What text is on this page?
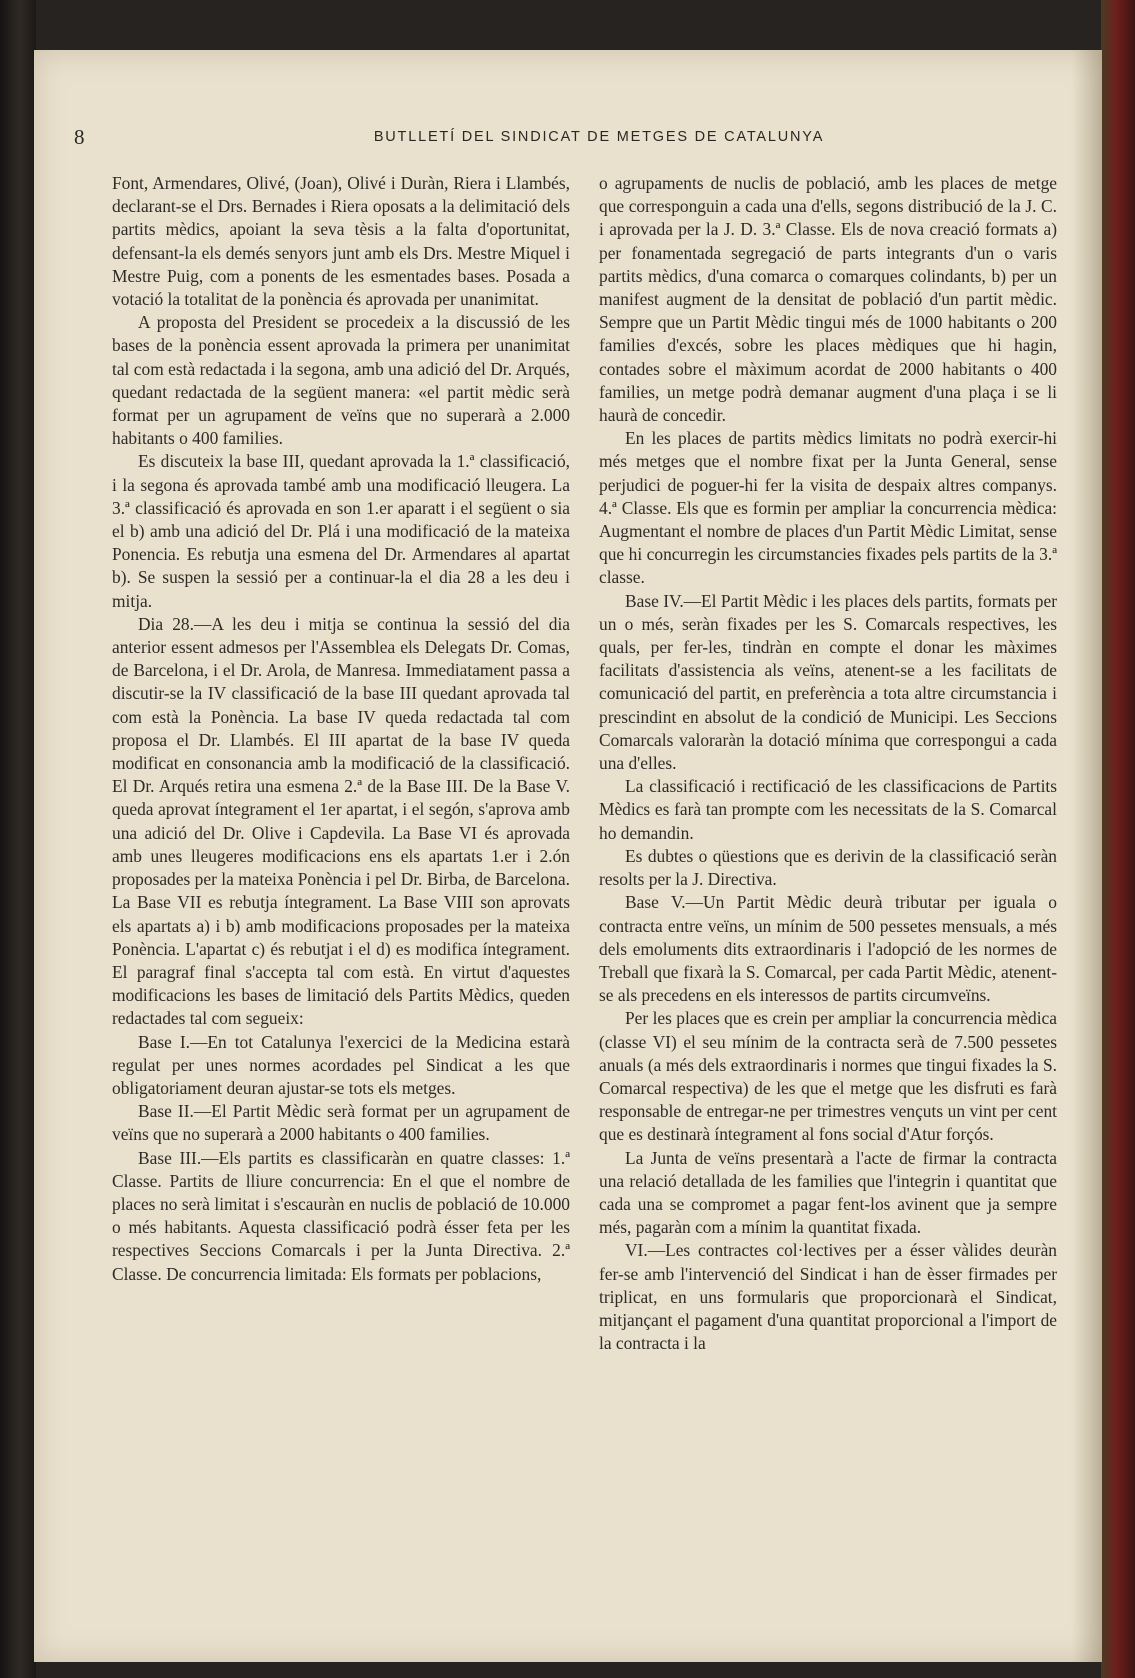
8	BUTLLETÍ DEL SINDICAT DE METGES DE CATALUNYA

Font, Armendares, Olivé, (Joan), Olivé i Duràn, Riera i Llambés, declarant-se el Drs. Bernades i Riera oposats a la delimitació dels partits mèdics, apoiant la seva tèsis a la falta d'oportunitat, defensant-la els demés senyors junt amb els Drs. Mestre Miquel i Mestre Puig, com a ponents de les esmentades bases. Posada a votació la totalitat de la ponència és aprovada per unanimitat.

A proposta del President se procedeix a la discussió de les bases de la ponència essent aprovada la primera per unanimitat tal com està redactada i la segona, amb una adició del Dr. Arqués, quedant redactada de la següent manera: «el partit mèdic serà format per un agrupament de veïns que no superarà a 2.000 habitants o 400 families.

Es discuteix la base III, quedant aprovada la 1.ª classificació, i la segona és aprovada també amb una modificació lleugera. La 3.ª classificació és aprovada en son 1.er aparatt i el següent o sia el b) amb una adició del Dr. Plá i una modificació de la mateixa Ponencia. Es rebutja una esmena del Dr. Armendares al apartat b). Se suspen la sessió per a continuar-la el dia 28 a les deu i mitja.

Dia 28.—A les deu i mitja se continua la sessió del dia anterior essent admesos per l'Assemblea els Delegats Dr. Comas, de Barcelona, i el Dr. Arola, de Manresa. Immediatament passa a discutir-se la IV classificació de la base III quedant aprovada tal com està la Ponència. La base IV queda redactada tal com proposa el Dr. Llambés. El III apartat de la base IV queda modificat en consonancia amb la modificació de la classificació. El Dr. Arqués retira una esmena 2.ª de la Base III. De la Base V. queda aprovat íntegrament el 1er apartat, i el segón, s'aprova amb una adició del Dr. Olive i Capdevila. La Base VI és aprovada amb unes lleugeres modificacions ens els apartats 1.er i 2.ón proposades per la mateixa Ponència i pel Dr. Birba, de Barcelona. La Base VII es rebutja íntegrament. La Base VIII son aprovats els apartats a) i b) amb modificacions proposades per la mateixa Ponència. L'apartat c) és rebutjat i el d) es modifica íntegrament. El paragraf final s'accepta tal com està. En virtut d'aquestes modificacions les bases de limitació dels Partits Mèdics, queden redactades tal com segueix:

Base I.—En tot Catalunya l'exercici de la Medicina estarà regulat per unes normes acordades pel Sindicat a les que obligatoriament deuran ajustar-se tots els metges.

Base II.—El Partit Mèdic serà format per un agrupament de veïns que no superarà a 2000 habitants o 400 families.

Base III.—Els partits es classificaràn en quatre classes: 1.ª Classe. Partits de lliure concurrencia: En el que el nombre de places no serà limitat i s'escauràn en nuclis de població de 10.000 o més habitants. Aquesta classificació podrà ésser feta per les respectives Seccions Comarcals i per la Junta Directiva. 2.ª Classe. De concurrencia limitada: Els formats per poblacions,

o agrupaments de nuclis de població, amb les places de metge que corresponguin a cada una d'ells, segons distribució de la J. C. i aprovada per la J. D. 3.ª Classe. Els de nova creació formats a) per fonamentada segregació de parts integrants d'un o varis partits mèdics, d'una comarca o comarques colindants, b) per un manifest augment de la densitat de població d'un partit mèdic. Sempre que un Partit Mèdic tingui més de 1000 habitants o 200 families d'excés, sobre les places mèdiques que hi hagin, contades sobre el màximum acordat de 2000 habitants o 400 families, un metge podrà demanar augment d'una plaça i se li haurà de concedir.

En les places de partits mèdics limitats no podrà exercir-hi més metges que el nombre fixat per la Junta General, sense perjudici de poguer-hi fer la visita de despaix altres companys. 4.ª Classe. Els que es formin per ampliar la concurrencia mèdica: Augmentant el nombre de places d'un Partit Mèdic Limitat, sense que hi concurregin les circumstancies fixades pels partits de la 3.ª classe.

Base IV.—El Partit Mèdic i les places dels partits, formats per un o més, seràn fixades per les S. Comarcals respectives, les quals, per fer-les, tindràn en compte el donar les màximes facilitats d'assistencia als veïns, atenent-se a les facilitats de comunicació del partit, en preferència a tota altre circumstancia i prescindint en absolut de la condició de Municipi. Les Seccions Comarcals valoraràn la dotació mínima que correspongui a cada una d'elles.

La classificació i rectificació de les classificacions de Partits Mèdics es farà tan prompte com les necessitats de la S. Comarcal ho demandin.

Es dubtes o qüestions que es derivin de la classificació seràn resolts per la J. Directiva.

Base V.—Un Partit Mèdic deurà tributar per iguala o contracta entre veïns, un mínim de 500 pessetes mensuals, a més dels emoluments dits extraordinaris i l'adopció de les normes de Treball que fixarà la S. Comarcal, per cada Partit Mèdic, atenent-se als precedens en els interessos de partits circumveïns.

Per les places que es crein per ampliar la concurrencia mèdica (classe VI) el seu mínim de la contracta serà de 7.500 pessetes anuals (a més dels extraordinaris i normes que tingui fixades la S. Comarcal respectiva) de les que el metge que les disfruti es farà responsable de entregar-ne per trimestres vençuts un vint per cent que es destinarà íntegrament al fons social d'Atur forçós.

La Junta de veïns presentarà a l'acte de firmar la contracta una relació detallada de les families que l'integrin i quantitat que cada una se compromet a pagar fent-los avinent que ja sempre més, pagaràn com a mínim la quantitat fixada.

VI.—Les contractes col·lectives per a ésser vàlides deuràn fer-se amb l'intervenció del Sindicat i han de èsser firmades per triplicat, en uns formularis que proporcionarà el Sindicat, mitjançant el pagament d'una quantitat proporcional a l'import de la contracta i la
